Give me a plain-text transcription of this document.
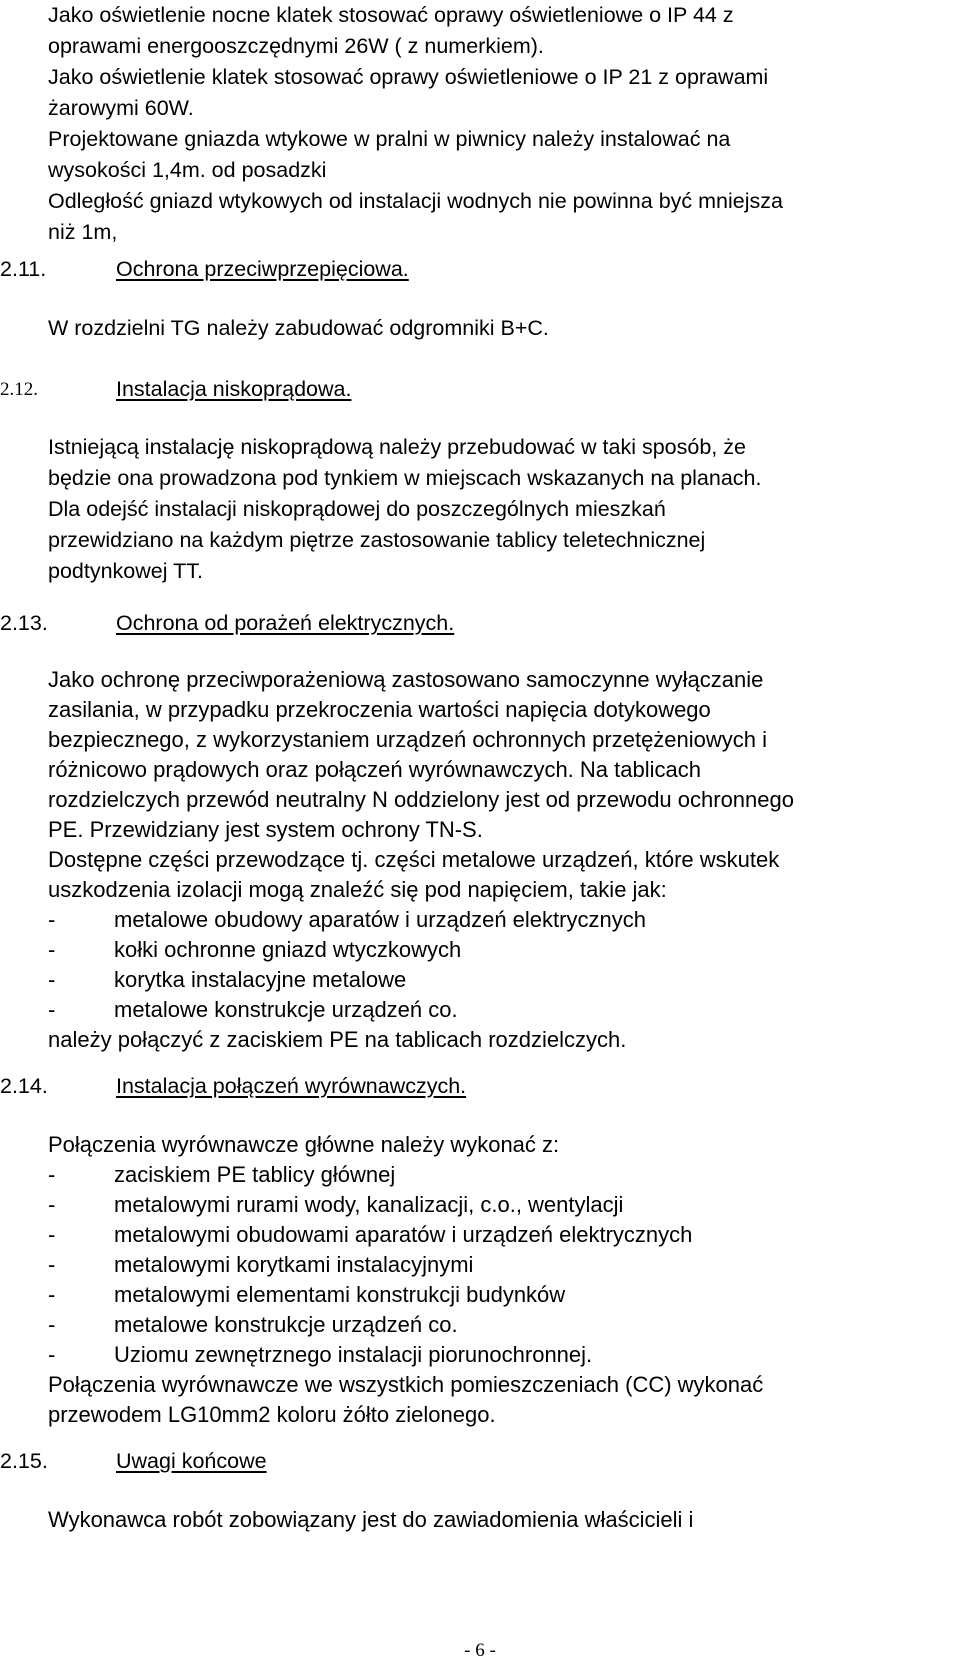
Jako oświetlenie nocne klatek stosować oprawy oświetleniowe o IP 44 z
oprawami energooszczędnymi 26W ( z numerkiem).
Jako oświetlenie klatek stosować oprawy oświetleniowe o IP 21 z oprawami
żarowymi 60W.
Projektowane gniazda wtykowe w pralni w piwnicy należy instalować na
wysokości 1,4m. od posadzki
Odległość gniazd wtykowych od instalacji wodnych nie powinna być mniejsza
niż 1m,
2.11.	Ochrona przeciwprzepięciowa.
W rozdzielni TG należy zabudować odgromniki B+C.
2.12.	Instalacja niskoprądowa.
Istniejącą instalację niskoprądową należy przebudować w taki sposób, że
będzie ona prowadzona pod tynkiem w miejscach wskazanych na planach.
Dla odejść instalacji niskoprądowej do poszczególnych mieszkań
przewidziano na każdym piętrze zastosowanie tablicy teletechnicznej
podtynkowej TT.
2.13.	Ochrona od porażeń elektrycznych.
Jako ochronę przeciwporażeniową zastosowano samoczynne wyłączanie
zasilania, w przypadku przekroczenia wartości napięcia dotykowego
bezpiecznego, z wykorzystaniem urządzeń ochronnych przetężeniowych i
różnicowo prądowych oraz połączeń wyrównawczych. Na tablicach
rozdzielczych przewód neutralny N oddzielony jest od przewodu ochronnego
PE. Przewidziany jest system ochrony TN-S.
Dostępne części przewodzące tj. części metalowe urządzeń, które wskutek
uszkodzenia izolacji mogą znaleźć się pod napięciem, takie jak:
-	metalowe obudowy aparatów i urządzeń elektrycznych
-	kołki ochronne gniazd wtyczkowych
-	korytka instalacyjne metalowe
-	metalowe konstrukcje urządzeń co.
należy połączyć z zaciskiem PE na tablicach rozdzielczych.
2.14.	Instalacja połączeń wyrównawczych.
Połączenia wyrównawcze główne należy wykonać z:
-	zaciskiem PE tablicy głównej
-	metalowymi rurami wody, kanalizacji, c.o., wentylacji
-	metalowymi obudowami aparatów i urządzeń elektrycznych
-	metalowymi korytkami instalacyjnymi
-	metalowymi elementami konstrukcji budynków
-	metalowe konstrukcje urządzeń co.
-	Uziomu zewnętrznego instalacji piorunochronnej.
Połączenia wyrównawcze we wszystkich pomieszczeniach (CC) wykonać
przewodem LG10mm2 koloru żółto zielonego.
2.15.	Uwagi końcowe
Wykonawca robót zobowiązany jest do zawiadomienia właścicieli i
- 6 -
